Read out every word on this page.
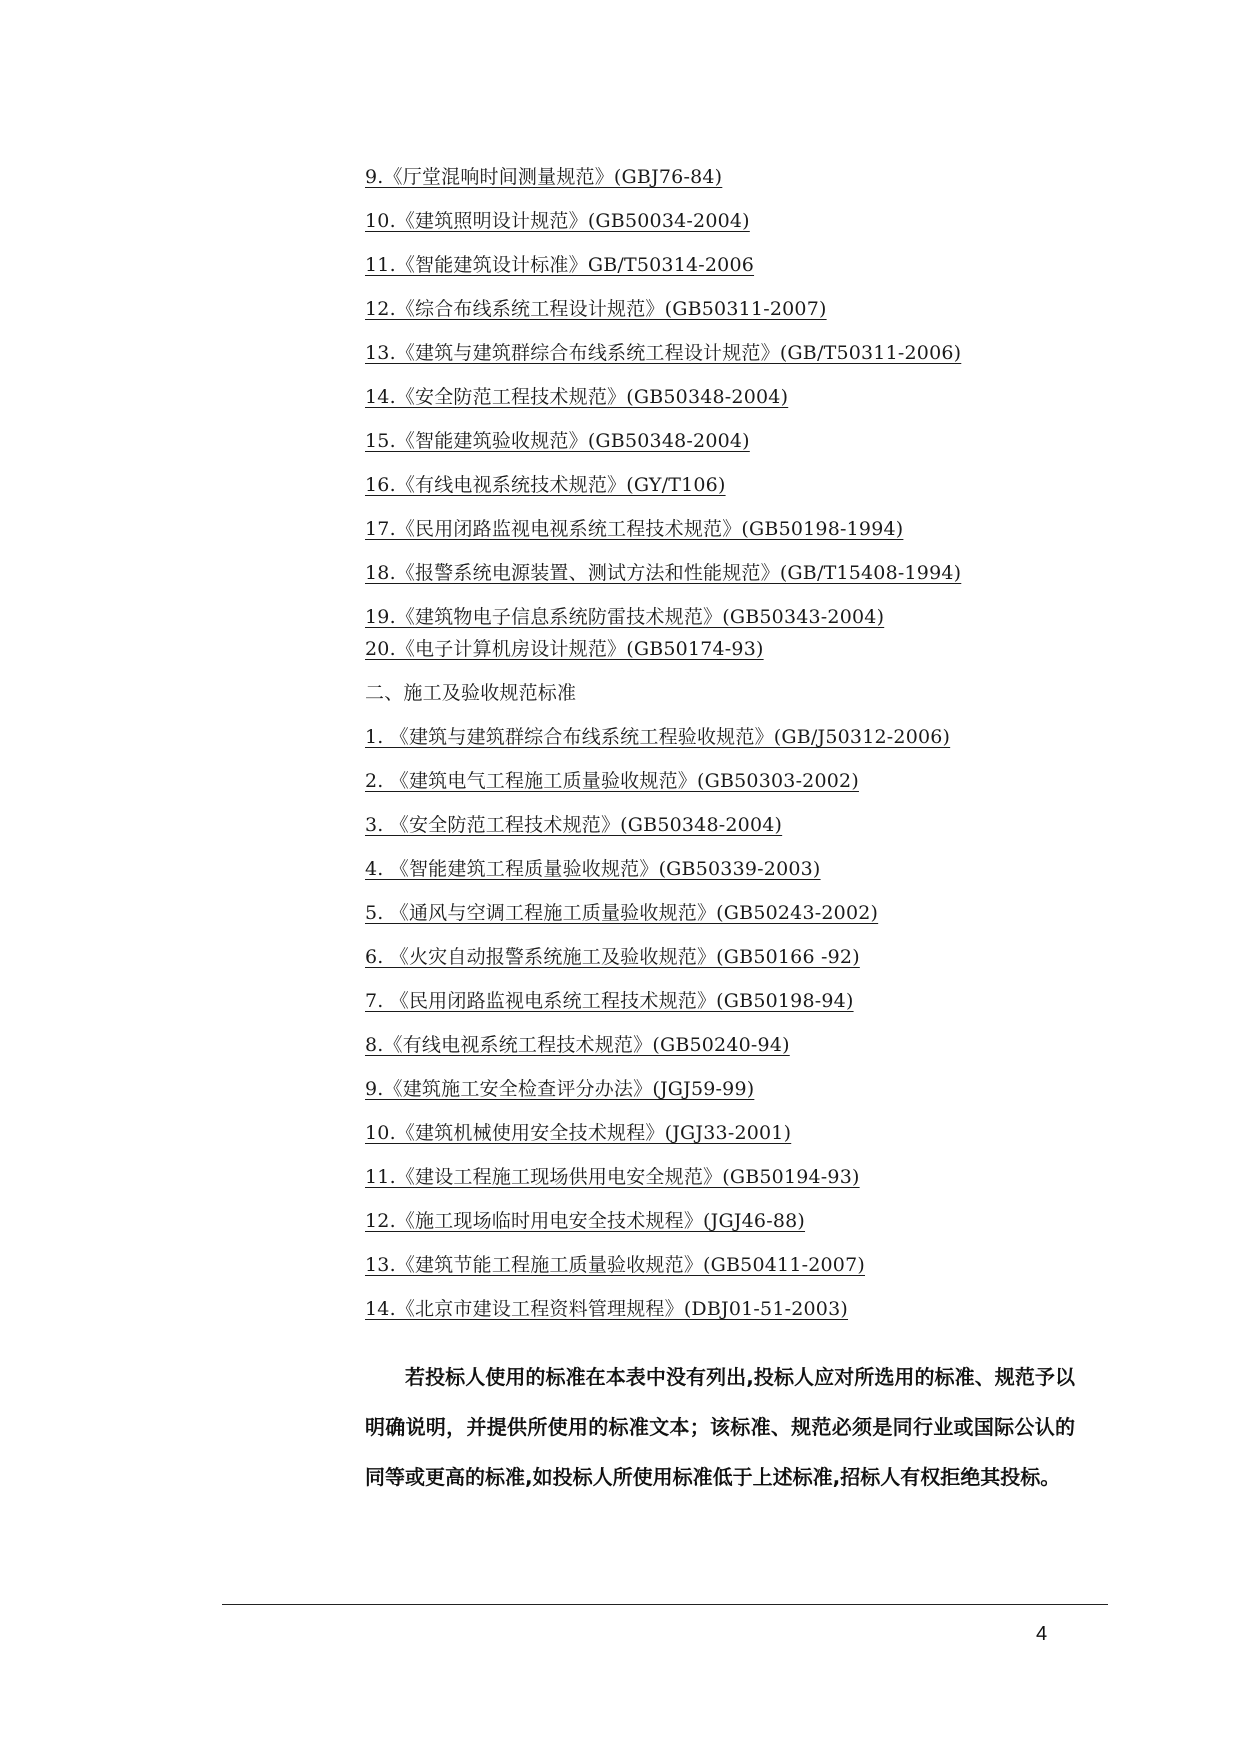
9.《厅堂混响时间测量规范》(GBJ76-84)
10.《建筑照明设计规范》(GB50034-2004)
11.《智能建筑设计标准》GB/T50314-2006
12.《综合布线系统工程设计规范》(GB50311-2007)
13.《建筑与建筑群综合布线系统工程设计规范》(GB/T50311-2006)
14.《安全防范工程技术规范》(GB50348-2004)
15.《智能建筑验收规范》(GB50348-2004)
16.《有线电视系统技术规范》(GY/T106)
17.《民用闭路监视电视系统工程技术规范》(GB50198-1994)
18.《报警系统电源装置、测试方法和性能规范》(GB/T15408-1994)
19.《建筑物电子信息系统防雷技术规范》(GB50343-2004)
20.《电子计算机房设计规范》(GB50174-93)
二、施工及验收规范标准
1. 《建筑与建筑群综合布线系统工程验收规范》(GB/J50312-2006)
2. 《建筑电气工程施工质量验收规范》(GB50303-2002)
3. 《安全防范工程技术规范》(GB50348-2004)
4. 《智能建筑工程质量验收规范》(GB50339-2003)
5. 《通风与空调工程施工质量验收规范》(GB50243-2002)
6. 《火灾自动报警系统施工及验收规范》(GB50166 -92)
7. 《民用闭路监视电系统工程技术规范》(GB50198-94)
8.《有线电视系统工程技术规范》(GB50240-94)
9.《建筑施工安全检查评分办法》(JGJ59-99)
10.《建筑机械使用安全技术规程》(JGJ33-2001)
11.《建设工程施工现场供用电安全规范》(GB50194-93)
12.《施工现场临时用电安全技术规程》(JGJ46-88)
13.《建筑节能工程施工质量验收规范》(GB50411-2007)
14.《北京市建设工程资料管理规程》(DBJ01-51-2003)

若投标人使用的标准在本表中没有列出,投标人应对所选用的标准、规范予以明确说明，并提供所使用的标准文本；该标准、规范必须是同行业或国际公认的同等或更高的标准,如投标人所使用标准低于上述标准,招标人有权拒绝其投标。

4
